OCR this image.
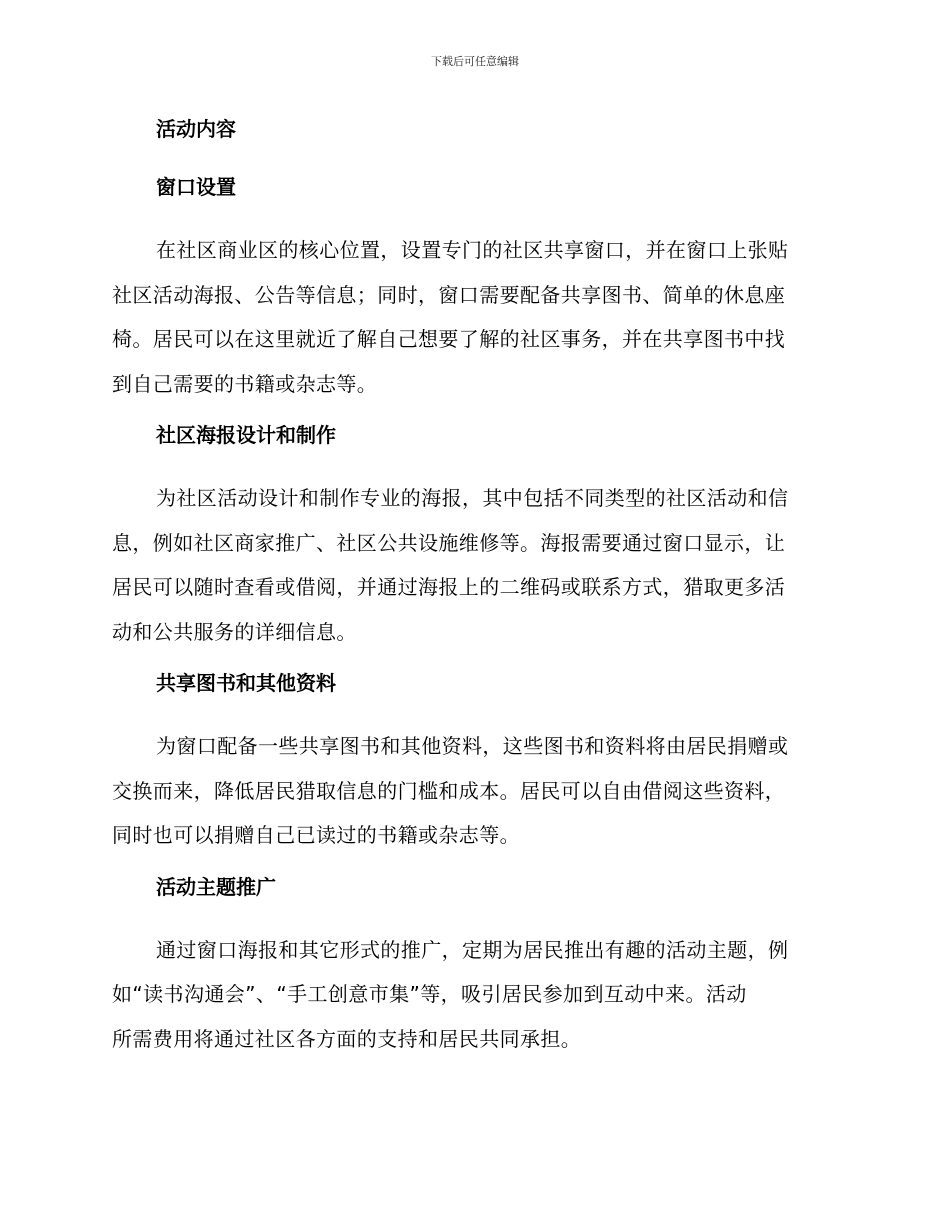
下载后可任意编辑
活动内容
窗口设置
在社区商业区的核心位置，设置专门的社区共享窗口，并在窗口上张贴
社区活动海报、公告等信息；同时，窗口需要配备共享图书、简单的休息座
椅。居民可以在这里就近了解自己想要了解的社区事务，并在共享图书中找
到自己需要的书籍或杂志等。
社区海报设计和制作
为社区活动设计和制作专业的海报，其中包括不同类型的社区活动和信
息，例如社区商家推广、社区公共设施维修等。海报需要通过窗口显示，让
居民可以随时查看或借阅，并通过海报上的二维码或联系方式，猎取更多活
动和公共服务的详细信息。
共享图书和其他资料
为窗口配备一些共享图书和其他资料，这些图书和资料将由居民捐赠或
交换而来，降低居民猎取信息的门槛和成本。居民可以自由借阅这些资料，
同时也可以捐赠自己已读过的书籍或杂志等。
活动主题推广
通过窗口海报和其它形式的推广，定期为居民推出有趣的活动主题，例
如“读书沟通会”、“手工创意市集”等，吸引居民参加到互动中来。活动
所需费用将通过社区各方面的支持和居民共同承担。
